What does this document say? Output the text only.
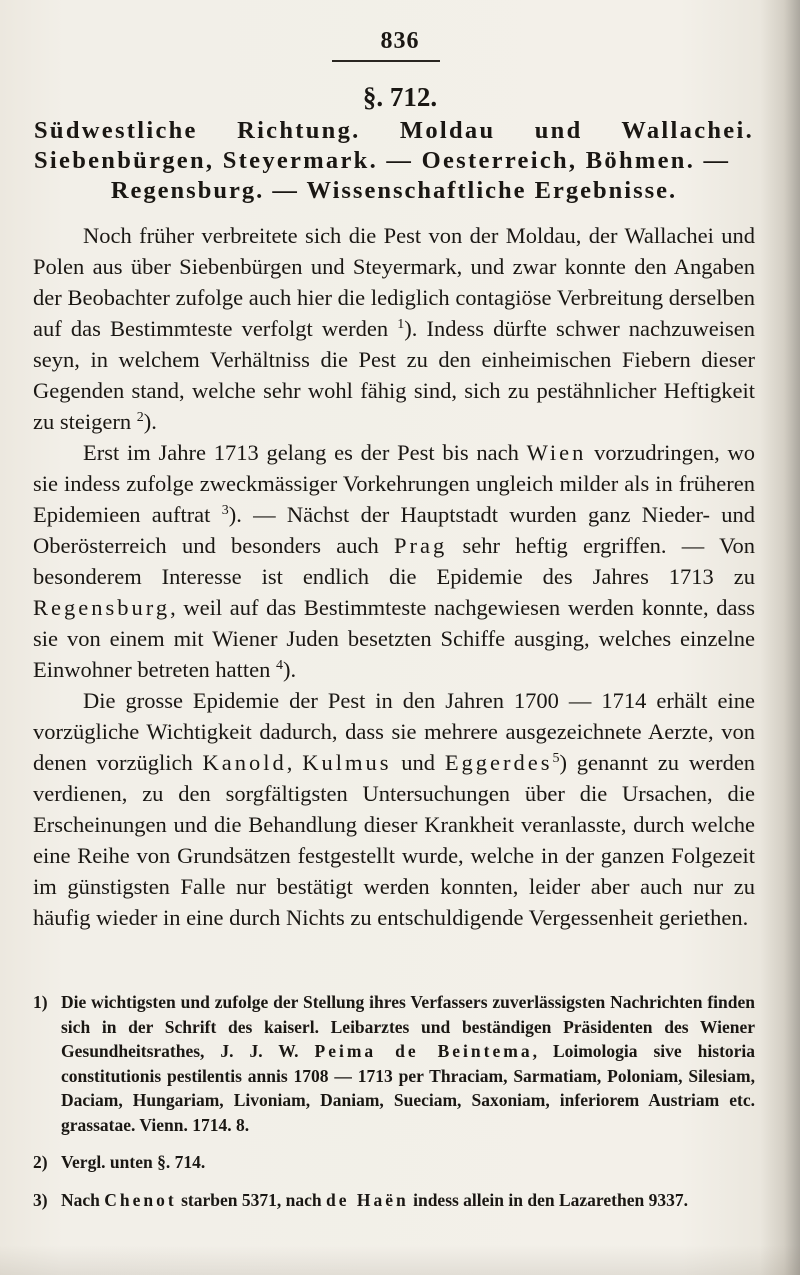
836
§. 712.
Südwestliche Richtung. Moldau und Wallachei. Siebenbürgen, Steyermark. — Oesterreich, Böhmen. —
Regensburg. — Wissenschaftliche Ergebnisse.

Noch früher verbreitete sich die Pest von der Moldau, der Wallachei und Polen aus über Siebenbürgen und Steyermark, und zwar konnte den Angaben der Beobachter zufolge auch hier die lediglich contagiöse Verbreitung derselben auf das Bestimmteste verfolgt werden $^1$). Indess dürfte schwer nachzuweisen seyn, in welchem Verhältniss die Pest zu den einheimischen Fiebern dieser Gegenden stand, welche sehr wohl fähig sind, sich zu pestähnlicher Heftigkeit zu steigern $^2$).

Erst im Jahre 1713 gelang es der Pest bis nach Wien vorzudringen, wo sie indess zufolge zweckmässiger Vorkehrungen ungleich milder als in früheren Epidemieen auftrat $^3$). — Nächst der Hauptstadt wurden ganz Nieder- und Oberösterreich und besonders auch Prag sehr heftig ergriffen. — Von besonderem Interesse ist endlich die Epidemie des Jahres 1713 zu Regensburg, weil auf das Bestimmteste nachgewiesen werden konnte, dass sie von einem mit Wiener Juden besetzten Schiffe ausging, welches einzelne Einwohner betreten hatten $^4$).

Die grosse Epidemie der Pest in den Jahren 1700 — 1714 erhält eine vorzügliche Wichtigkeit dadurch, dass sie mehrere ausgezeichnete Aerzte, von denen vorzüglich Kanold, Kulmus und Eggerdes$^5$) genannt zu werden verdienen, zu den sorgfältigsten Untersuchungen über die Ursachen, die Erscheinungen und die Behandlung dieser Krankheit veranlasste, durch welche eine Reihe von Grundsätzen festgestellt wurde, welche in der ganzen Folgezeit im günstigsten Falle nur bestätigt werden konnten, leider aber auch nur zu häufig wieder in eine durch Nichts zu entschuldigende Vergessenheit geriethen.

1) Die wichtigsten und zufolge der Stellung ihres Verfassers zuverlässigsten Nachrichten finden sich in der Schrift des kaiserl. Leibarztes und beständigen Präsidenten des Wiener Gesundheitsrathes, J. J. W. Peima de Beintema, Loimologia sive historia constitutionis pestilentis annis 1708 — 1713 per Thraciam, Sarmatiam, Poloniam, Silesiam, Daciam, Hungariam, Livoniam, Daniam, Sueciam, Saxoniam, inferiorem Austriam etc. grassatae. Vienn. 1714. 8.
2) Vergl. unten §. 714.
3) Nach Chenot starben 5371, nach de Haën indess allein in den Lazarethen 9337.
